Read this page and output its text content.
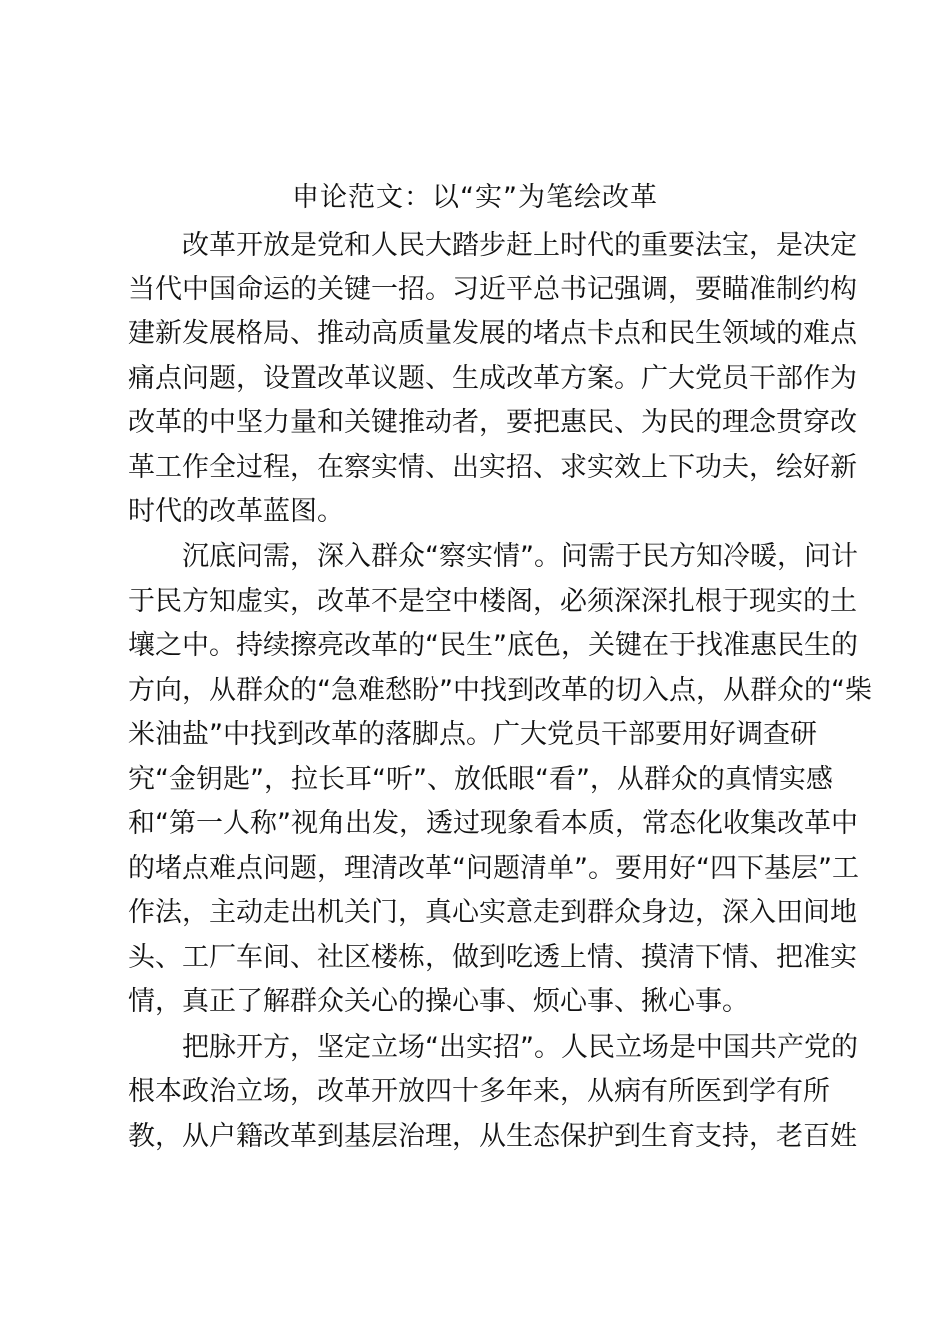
申论范文：以“实”为笔绘改革

改革开放是党和人民大踏步赶上时代的重要法宝，是决定

当代中国命运的关键一招。习近平总书记强调，要瞄准制约构

建新发展格局、推动高质量发展的堵点卡点和民生领域的难点

痛点问题，设置改革议题、生成改革方案。广大党员干部作为

改革的中坚力量和关键推动者，要把惠民、为民的理念贯穿改

革工作全过程，在察实情、出实招、求实效上下功夫，绘好新

时代的改革蓝图。

沉底问需，深入群众“察实情”。问需于民方知冷暖，问计

于民方知虚实，改革不是空中楼阁，必须深深扎根于现实的土

壤之中。持续擦亮改革的“民生”底色，关键在于找准惠民生的

方向，从群众的“急难愁盼”中找到改革的切入点，从群众的“柴

米油盐”中找到改革的落脚点。广大党员干部要用好调查研

究“金钥匙”，拉长耳“听”、放低眼“看”，从群众的真情实感

和“第一人称”视角出发，透过现象看本质，常态化收集改革中

的堵点难点问题，理清改革“问题清单”。要用好“四下基层”工

作法，主动走出机关门，真心实意走到群众身边，深入田间地

头、工厂车间、社区楼栋，做到吃透上情、摸清下情、把准实

情，真正了解群众关心的操心事、烦心事、揪心事。

把脉开方，坚定立场“出实招”。人民立场是中国共产党的

根本政治立场，改革开放四十多年来，从病有所医到学有所

教，从户籍改革到基层治理，从生态保护到生育支持，老百姓
